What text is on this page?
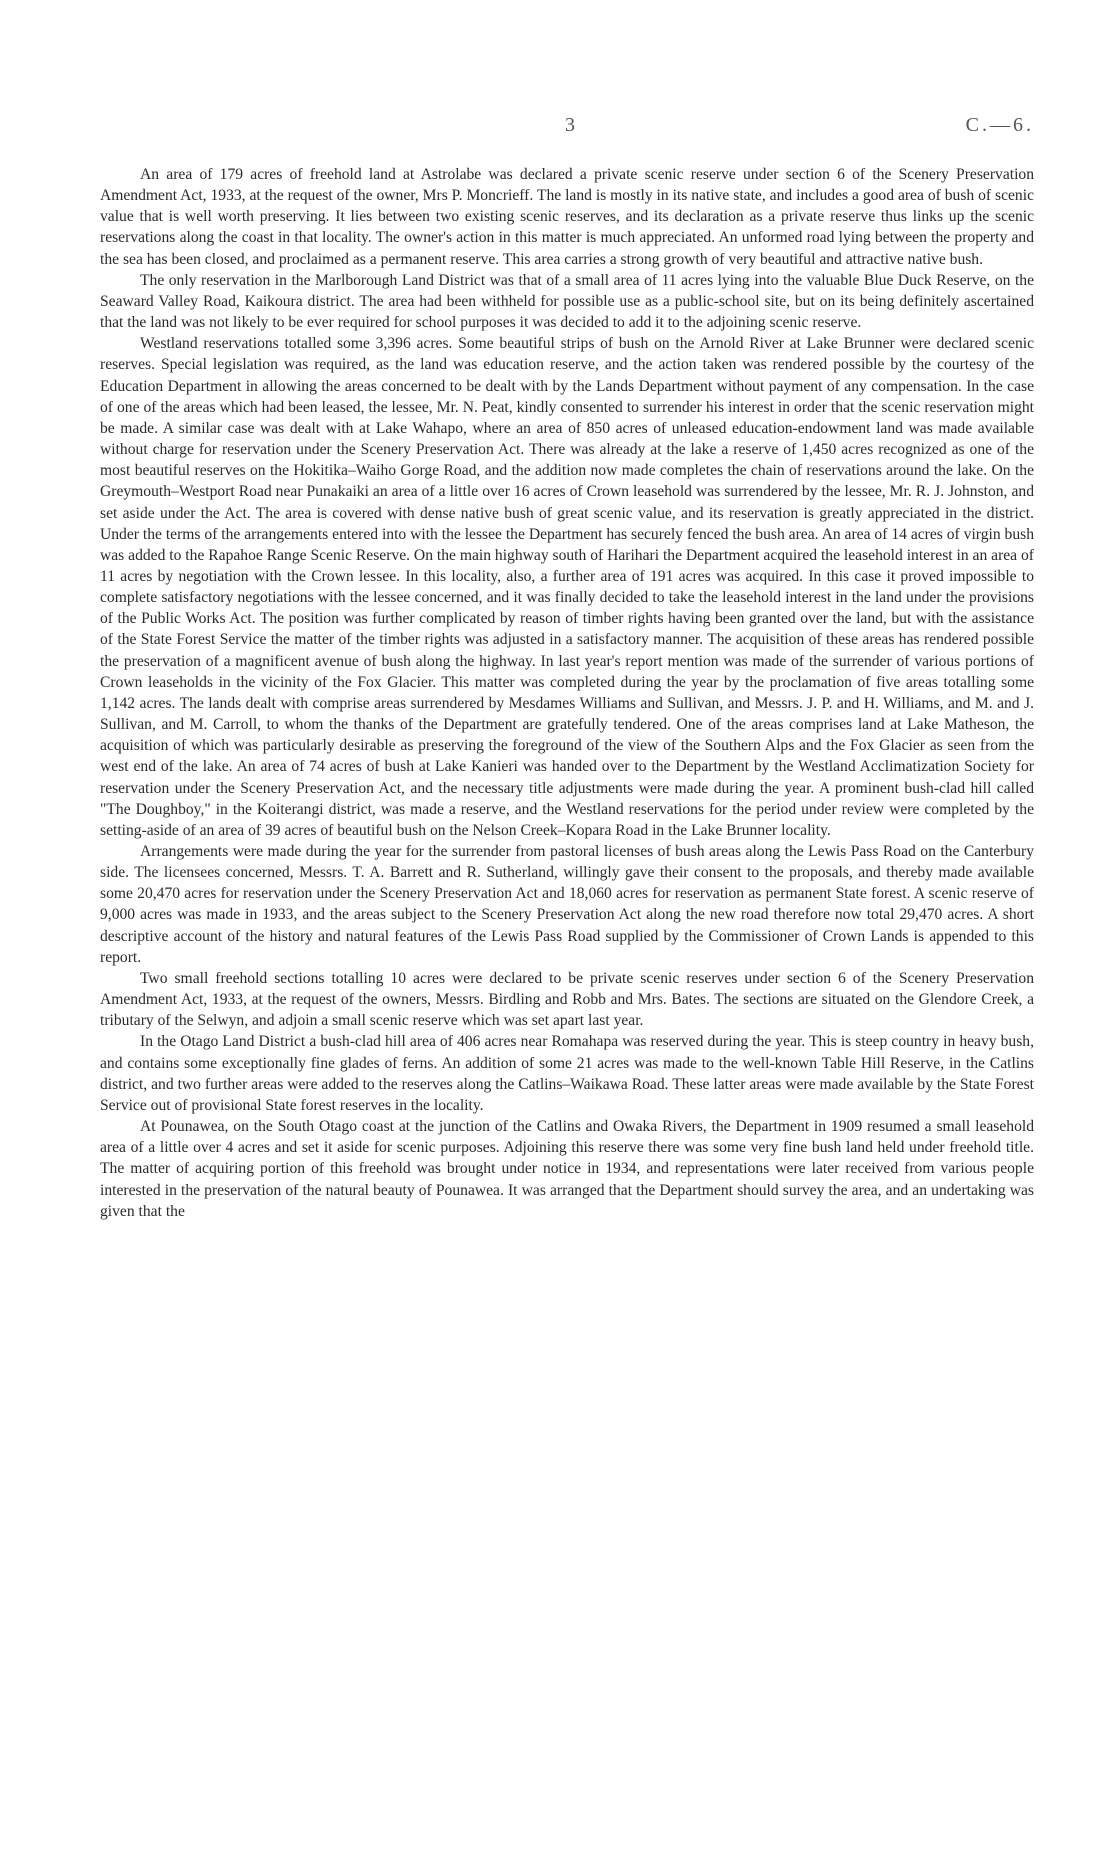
3	C.—6.

An area of 179 acres of freehold land at Astrolabe was declared a private scenic reserve under section 6 of the Scenery Preservation Amendment Act, 1933, at the request of the owner, Mrs P. Moncrieff. The land is mostly in its native state, and includes a good area of bush of scenic value that is well worth preserving. It lies between two existing scenic reserves, and its declaration as a private reserve thus links up the scenic reservations along the coast in that locality. The owner's action in this matter is much appreciated. An unformed road lying between the property and the sea has been closed, and proclaimed as a permanent reserve. This area carries a strong growth of very beautiful and attractive native bush.

The only reservation in the Marlborough Land District was that of a small area of 11 acres lying into the valuable Blue Duck Reserve, on the Seaward Valley Road, Kaikoura district. The area had been withheld for possible use as a public-school site, but on its being definitely ascertained that the land was not likely to be ever required for school purposes it was decided to add it to the adjoining scenic reserve.

Westland reservations totalled some 3,396 acres. Some beautiful strips of bush on the Arnold River at Lake Brunner were declared scenic reserves. Special legislation was required, as the land was education reserve, and the action taken was rendered possible by the courtesy of the Education Department in allowing the areas concerned to be dealt with by the Lands Department without payment of any compensation. In the case of one of the areas which had been leased, the lessee, Mr. N. Peat, kindly consented to surrender his interest in order that the scenic reservation might be made. A similar case was dealt with at Lake Wahapo, where an area of 850 acres of unleased education-endowment land was made available without charge for reservation under the Scenery Preservation Act. There was already at the lake a reserve of 1,450 acres recognized as one of the most beautiful reserves on the Hokitika–Waiho Gorge Road, and the addition now made completes the chain of reservations around the lake. On the Greymouth–Westport Road near Punakaiki an area of a little over 16 acres of Crown leasehold was surrendered by the lessee, Mr. R. J. Johnston, and set aside under the Act. The area is covered with dense native bush of great scenic value, and its reservation is greatly appreciated in the district. Under the terms of the arrangements entered into with the lessee the Department has securely fenced the bush area. An area of 14 acres of virgin bush was added to the Rapahoe Range Scenic Reserve. On the main highway south of Harihari the Department acquired the leasehold interest in an area of 11 acres by negotiation with the Crown lessee. In this locality, also, a further area of 191 acres was acquired. In this case it proved impossible to complete satisfactory negotiations with the lessee concerned, and it was finally decided to take the leasehold interest in the land under the provisions of the Public Works Act. The position was further complicated by reason of timber rights having been granted over the land, but with the assistance of the State Forest Service the matter of the timber rights was adjusted in a satisfactory manner. The acquisition of these areas has rendered possible the preservation of a magnificent avenue of bush along the highway. In last year's report mention was made of the surrender of various portions of Crown leaseholds in the vicinity of the Fox Glacier. This matter was completed during the year by the proclamation of five areas totalling some 1,142 acres. The lands dealt with comprise areas surrendered by Mesdames Williams and Sullivan, and Messrs. J. P. and H. Williams, and M. and J. Sullivan, and M. Carroll, to whom the thanks of the Department are gratefully tendered. One of the areas comprises land at Lake Matheson, the acquisition of which was particularly desirable as preserving the foreground of the view of the Southern Alps and the Fox Glacier as seen from the west end of the lake. An area of 74 acres of bush at Lake Kanieri was handed over to the Department by the Westland Acclimatization Society for reservation under the Scenery Preservation Act, and the necessary title adjustments were made during the year. A prominent bush-clad hill called "The Doughboy," in the Koiterangi district, was made a reserve, and the Westland reservations for the period under review were completed by the setting-aside of an area of 39 acres of beautiful bush on the Nelson Creek–Kopara Road in the Lake Brunner locality.

Arrangements were made during the year for the surrender from pastoral licenses of bush areas along the Lewis Pass Road on the Canterbury side. The licensees concerned, Messrs. T. A. Barrett and R. Sutherland, willingly gave their consent to the proposals, and thereby made available some 20,470 acres for reservation under the Scenery Preservation Act and 18,060 acres for reservation as permanent State forest. A scenic reserve of 9,000 acres was made in 1933, and the areas subject to the Scenery Preservation Act along the new road therefore now total 29,470 acres. A short descriptive account of the history and natural features of the Lewis Pass Road supplied by the Commissioner of Crown Lands is appended to this report.

Two small freehold sections totalling 10 acres were declared to be private scenic reserves under section 6 of the Scenery Preservation Amendment Act, 1933, at the request of the owners, Messrs. Birdling and Robb and Mrs. Bates. The sections are situated on the Glendore Creek, a tributary of the Selwyn, and adjoin a small scenic reserve which was set apart last year.

In the Otago Land District a bush-clad hill area of 406 acres near Romahapa was reserved during the year. This is steep country in heavy bush, and contains some exceptionally fine glades of ferns. An addition of some 21 acres was made to the well-known Table Hill Reserve, in the Catlins district, and two further areas were added to the reserves along the Catlins–Waikawa Road. These latter areas were made available by the State Forest Service out of provisional State forest reserves in the locality.

At Pounawea, on the South Otago coast at the junction of the Catlins and Owaka Rivers, the Department in 1909 resumed a small leasehold area of a little over 4 acres and set it aside for scenic purposes. Adjoining this reserve there was some very fine bush land held under freehold title. The matter of acquiring portion of this freehold was brought under notice in 1934, and representations were later received from various people interested in the preservation of the natural beauty of Pounawea. It was arranged that the Department should survey the area, and an undertaking was given that the
